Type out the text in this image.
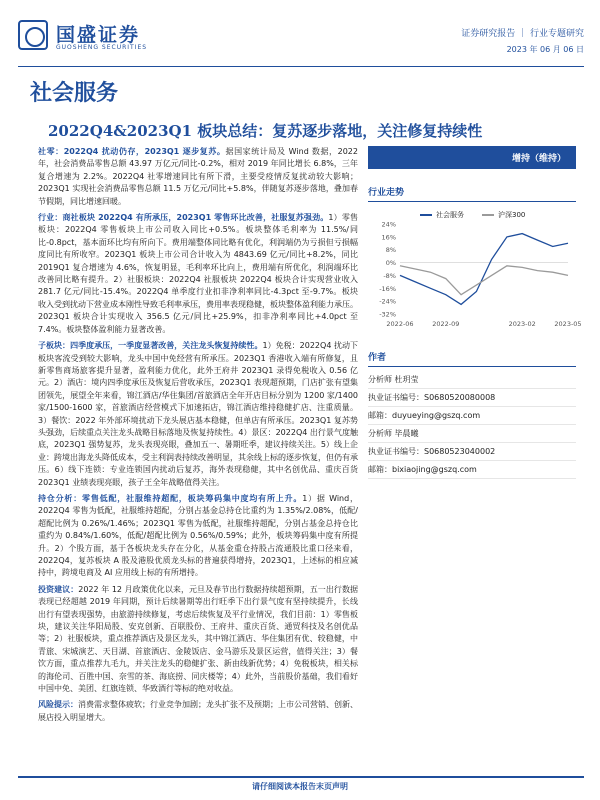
国盛证券
GUOSHENG SECURITIES
证券研究报告 ｜ 行业专题研究
2023 年 06 月 06 日
社会服务
2022Q4&2023Q1 板块总结：复苏逐步落地，关注修复持续性

社零：2022Q4 扰动仍存，2023Q1 逐步复苏。据国家统计局及 Wind 数据，2022 年，社会消费品零售总额 43.97 万亿元/同比-0.2%，相对 2019 年同比增长 6.8%，三年复合增速为 2.2%。2022Q4 社零增速同比有所下滑，主要受疫情反复扰动较大影响；2023Q1 实现社会消费品零售总额 11.5 万亿元/同比+5.8%，伴随复苏逐步落地，叠加春节假期，同比增速回暖。

行业：商社板块 2022Q4 有所承压，2023Q1 零售环比改善，社服复苏强劲。1）零售板块：2022Q4 零售板块上市公司收入同比+0.5%。板块整体毛利率为 11.5%/同比-0.8pct，基本面环比均有所向下。费用端整体同比略有优化，利润端仍为亏损但亏损幅度同比有所收窄。2023Q1 板块上市公司合计收入为 4843.69 亿元/同比+8.2%，同比 2019Q1 复合增速为 4.6%，恢复明显，毛利率环比向上，费用端有所优化，利润端环比改善同比略有提升。2）社服板块：2022Q4 社服板块 2022Q4 板块合计实现营业收入 281.7 亿元/同比-15.4%。2022Q4 单季度行业扣非净利率同比-4.3pct 至-9.7%。板块收入受到扰动下营业成本刚性导致毛利率承压，费用率表现稳健，板块整体盈利能力承压。2023Q1 板块合计实现收入 356.5 亿元/同比+25.9%，扣非净利率同比+4.0pct 至 7.4%。板块整体盈利能力显著改善。

子板块：四季度承压，一季度显著改善，关注龙头恢复持续性。1）免税：2022Q4 扰动下板块客流受到较大影响，龙头中国中免经营有所承压。2023Q1 香港收入端有所修复，且新零售商场旅客提升显著，盈利能力优化，此外王府井 2023Q1 录得免税收入 0.56 亿元。2）酒店：境内四季度承压及恢复后营收承压，2023Q1 表现超预期，门店扩张有望集团领先，展望全年来看，锦江酒店/华住集团/首旅酒店全年开店目标分别为 1200 家/1400 家/1500-1600 家，首旅酒店经营模式下加速拓店，锦江酒店维持稳健扩店、注重质量。3）餐饮：2022 年外部环境扰动下龙头展店基本稳健，但单店有所承压。2023Q1 复苏势头强劲，后续重点关注龙头战略目标落地及恢复持续性。4）景区：2022Q4 出行景气度触底，2023Q1 强势复苏，龙头表现亮眼，叠加五一、暑期旺季，建议持续关注。5）线上企业：跨境出海龙头降低成本，受主利润表持续改善明显，其余线上标的逐步恢复，但仍有承压。6）线下连锁：专业连锁国内扰动后复苏，海外表现稳健，其中名创优品、重庆百货 2023Q1 业绩表现亮眼，孩子王全年战略值得关注。

持仓分析：零售低配，社服维持超配，板块筹码集中度均有所上升。1）据 Wind，2022Q4 零售为低配，社服维持超配，分别占基金总持仓比重约为 1.35%/2.08%，低配/超配比例为 0.26%/1.46%；2023Q1 零售为低配，社服维持超配，分别占基金总持仓比重约为 0.84%/1.60%，低配/超配比例为 0.56%/0.59%；此外，板块筹码集中度有所提升。2）个股方面，基于各板块龙头存在分化，从基金重仓持股占流通股比重口径来看，2022Q4，复苏板块 A 股及港股优质龙头标的普遍获得增持，2023Q1，上述标的相应减持中，跨境电商及 AI 应用线上标的有所增持。

投资建议：2022 年 12 月政策优化以来，元旦及春节出行数据持续超预期，五一出行数据表现已经超越 2019 年同期，预计后续暑期等出行旺季下出行景气度有坚持续提升，长线出行有望表现强势，由旅游持续修复，考虑后续恢复及平行业情况，我们目前：1）零售板块，建议关注华阳局股、安克创新、百联股份、王府井、重庆百货、通贸科技及名创优品等；2）社服板块，重点推荐酒店及景区龙头，其中锦江酒店、华住集团有优、较稳健，中青旅、宋城演艺、天目湖、首旅酒店、金陵饭店、金马游乐及景区运营，值得关注；3）餐饮方面，重点推荐九毛九，并关注龙头的稳健扩张、新由线新优势；4）免税板块，相关标的海伦司、百胜中国、奈雪的茶、海底捞、同庆楼等；4）此外，当前股价基础，我们看好中国中免、美团、红旗连锁、华致酒行等标的绝对收益。

风险提示：消费需求整体疲软；行业竞争加剧；龙头扩张不及预期；上市公司营销、创新、展店投入明显增大。

增持（维持）
行业走势
社会服务	沪深300
24%
16%
8%
0%
-8%
-16%
-24%
-32%
2022-06	2022-09	2023-02	2023-05
作者
分析师 杜玥莹
执业证书编号：S0680520080008
邮箱：duyueying@gszq.com
分析师 毕晨曦
执业证书编号：S0680523040002
邮箱：bixiaojing@gszq.com
请仔细阅读本报告末页声明
